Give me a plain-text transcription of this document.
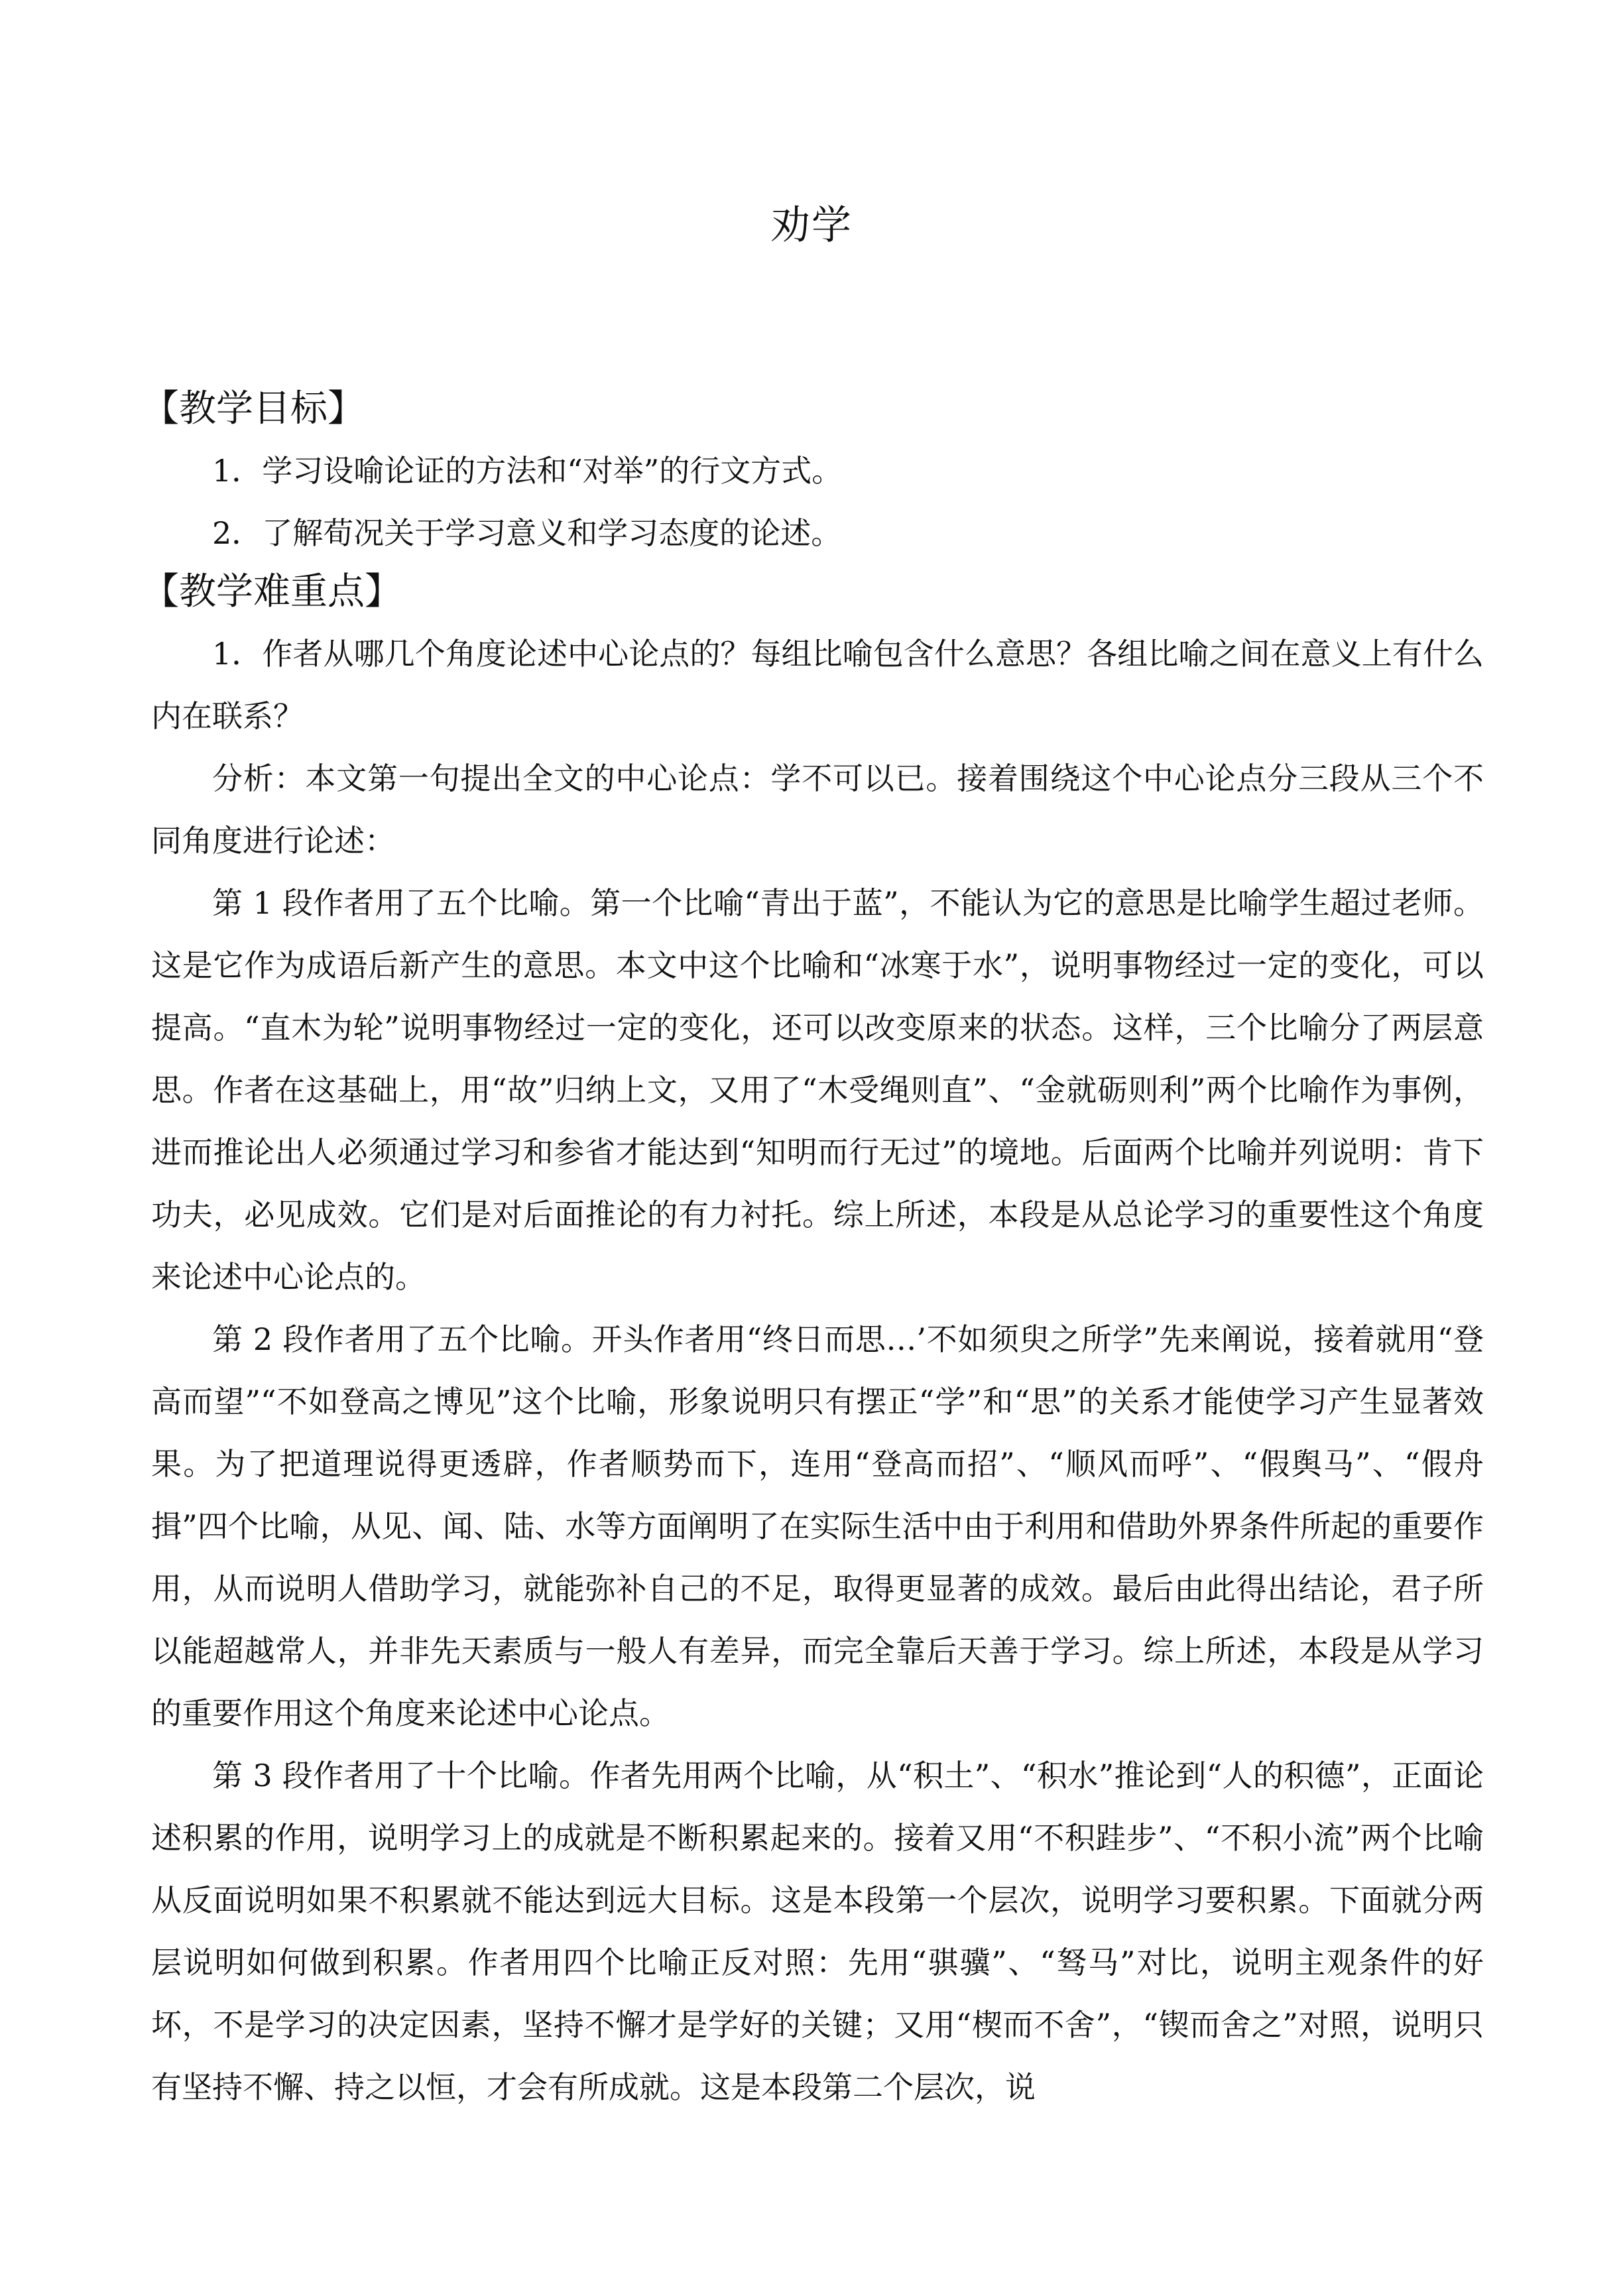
劝学
【教学目标】

1．学习设喻论证的方法和“对举”的行文方式。

2．了解荀况关于学习意义和学习态度的论述。

【教学难重点】

1．作者从哪几个角度论述中心论点的？每组比喻包含什么意思？各组比喻之间在意义上有什么内在联系？

分析：本文第一句提出全文的中心论点：学不可以已。接着围绕这个中心论点分三段从三个不同角度进行论述：

第 1 段作者用了五个比喻。第一个比喻“青出于蓝”，不能认为它的意思是比喻学生超过老师。这是它作为成语后新产生的意思。本文中这个比喻和“冰寒于水”，说明事物经过一定的变化，可以提高。“直木为轮”说明事物经过一定的变化，还可以改变原来的状态。这样，三个比喻分了两层意思。作者在这基础上，用“故”归纳上文，又用了“木受绳则直”、“金就砺则利”两个比喻作为事例，进而推论出人必须通过学习和参省才能达到“知明而行无过”的境地。后面两个比喻并列说明：肯下功夫，必见成效。它们是对后面推论的有力衬托。综上所述，本段是从总论学习的重要性这个角度来论述中心论点的。

第 2 段作者用了五个比喻。开头作者用“终日而思…’不如须臾之所学”先来阐说，接着就用“登高而望”“不如登高之博见”这个比喻，形象说明只有摆正“学”和“思”的关系才能使学习产生显著效果。为了把道理说得更透辟，作者顺势而下，连用“登高而招”、“顺风而呼”、“假舆马”、“假舟揖”四个比喻，从见、闻、陆、水等方面阐明了在实际生活中由于利用和借助外界条件所起的重要作用，从而说明人借助学习，就能弥补自己的不足，取得更显著的成效。最后由此得出结论，君子所以能超越常人，并非先天素质与一般人有差异，而完全靠后天善于学习。综上所述，本段是从学习的重要作用这个角度来论述中心论点。

第 3 段作者用了十个比喻。作者先用两个比喻，从“积土”、“积水”推论到“人的积德”，正面论述积累的作用，说明学习上的成就是不断积累起来的。接着又用“不积跬步”、“不积小流”两个比喻从反面说明如果不积累就不能达到远大目标。这是本段第一个层次，说明学习要积累。下面就分两层说明如何做到积累。作者用四个比喻正反对照：先用“骐骥”、“驽马”对比，说明主观条件的好坏，不是学习的决定因素，坚持不懈才是学好的关键；又用“楔而不舍”，“锲而舍之”对照，说明只有坚持不懈、持之以恒，才会有所成就。这是本段第二个层次，说
